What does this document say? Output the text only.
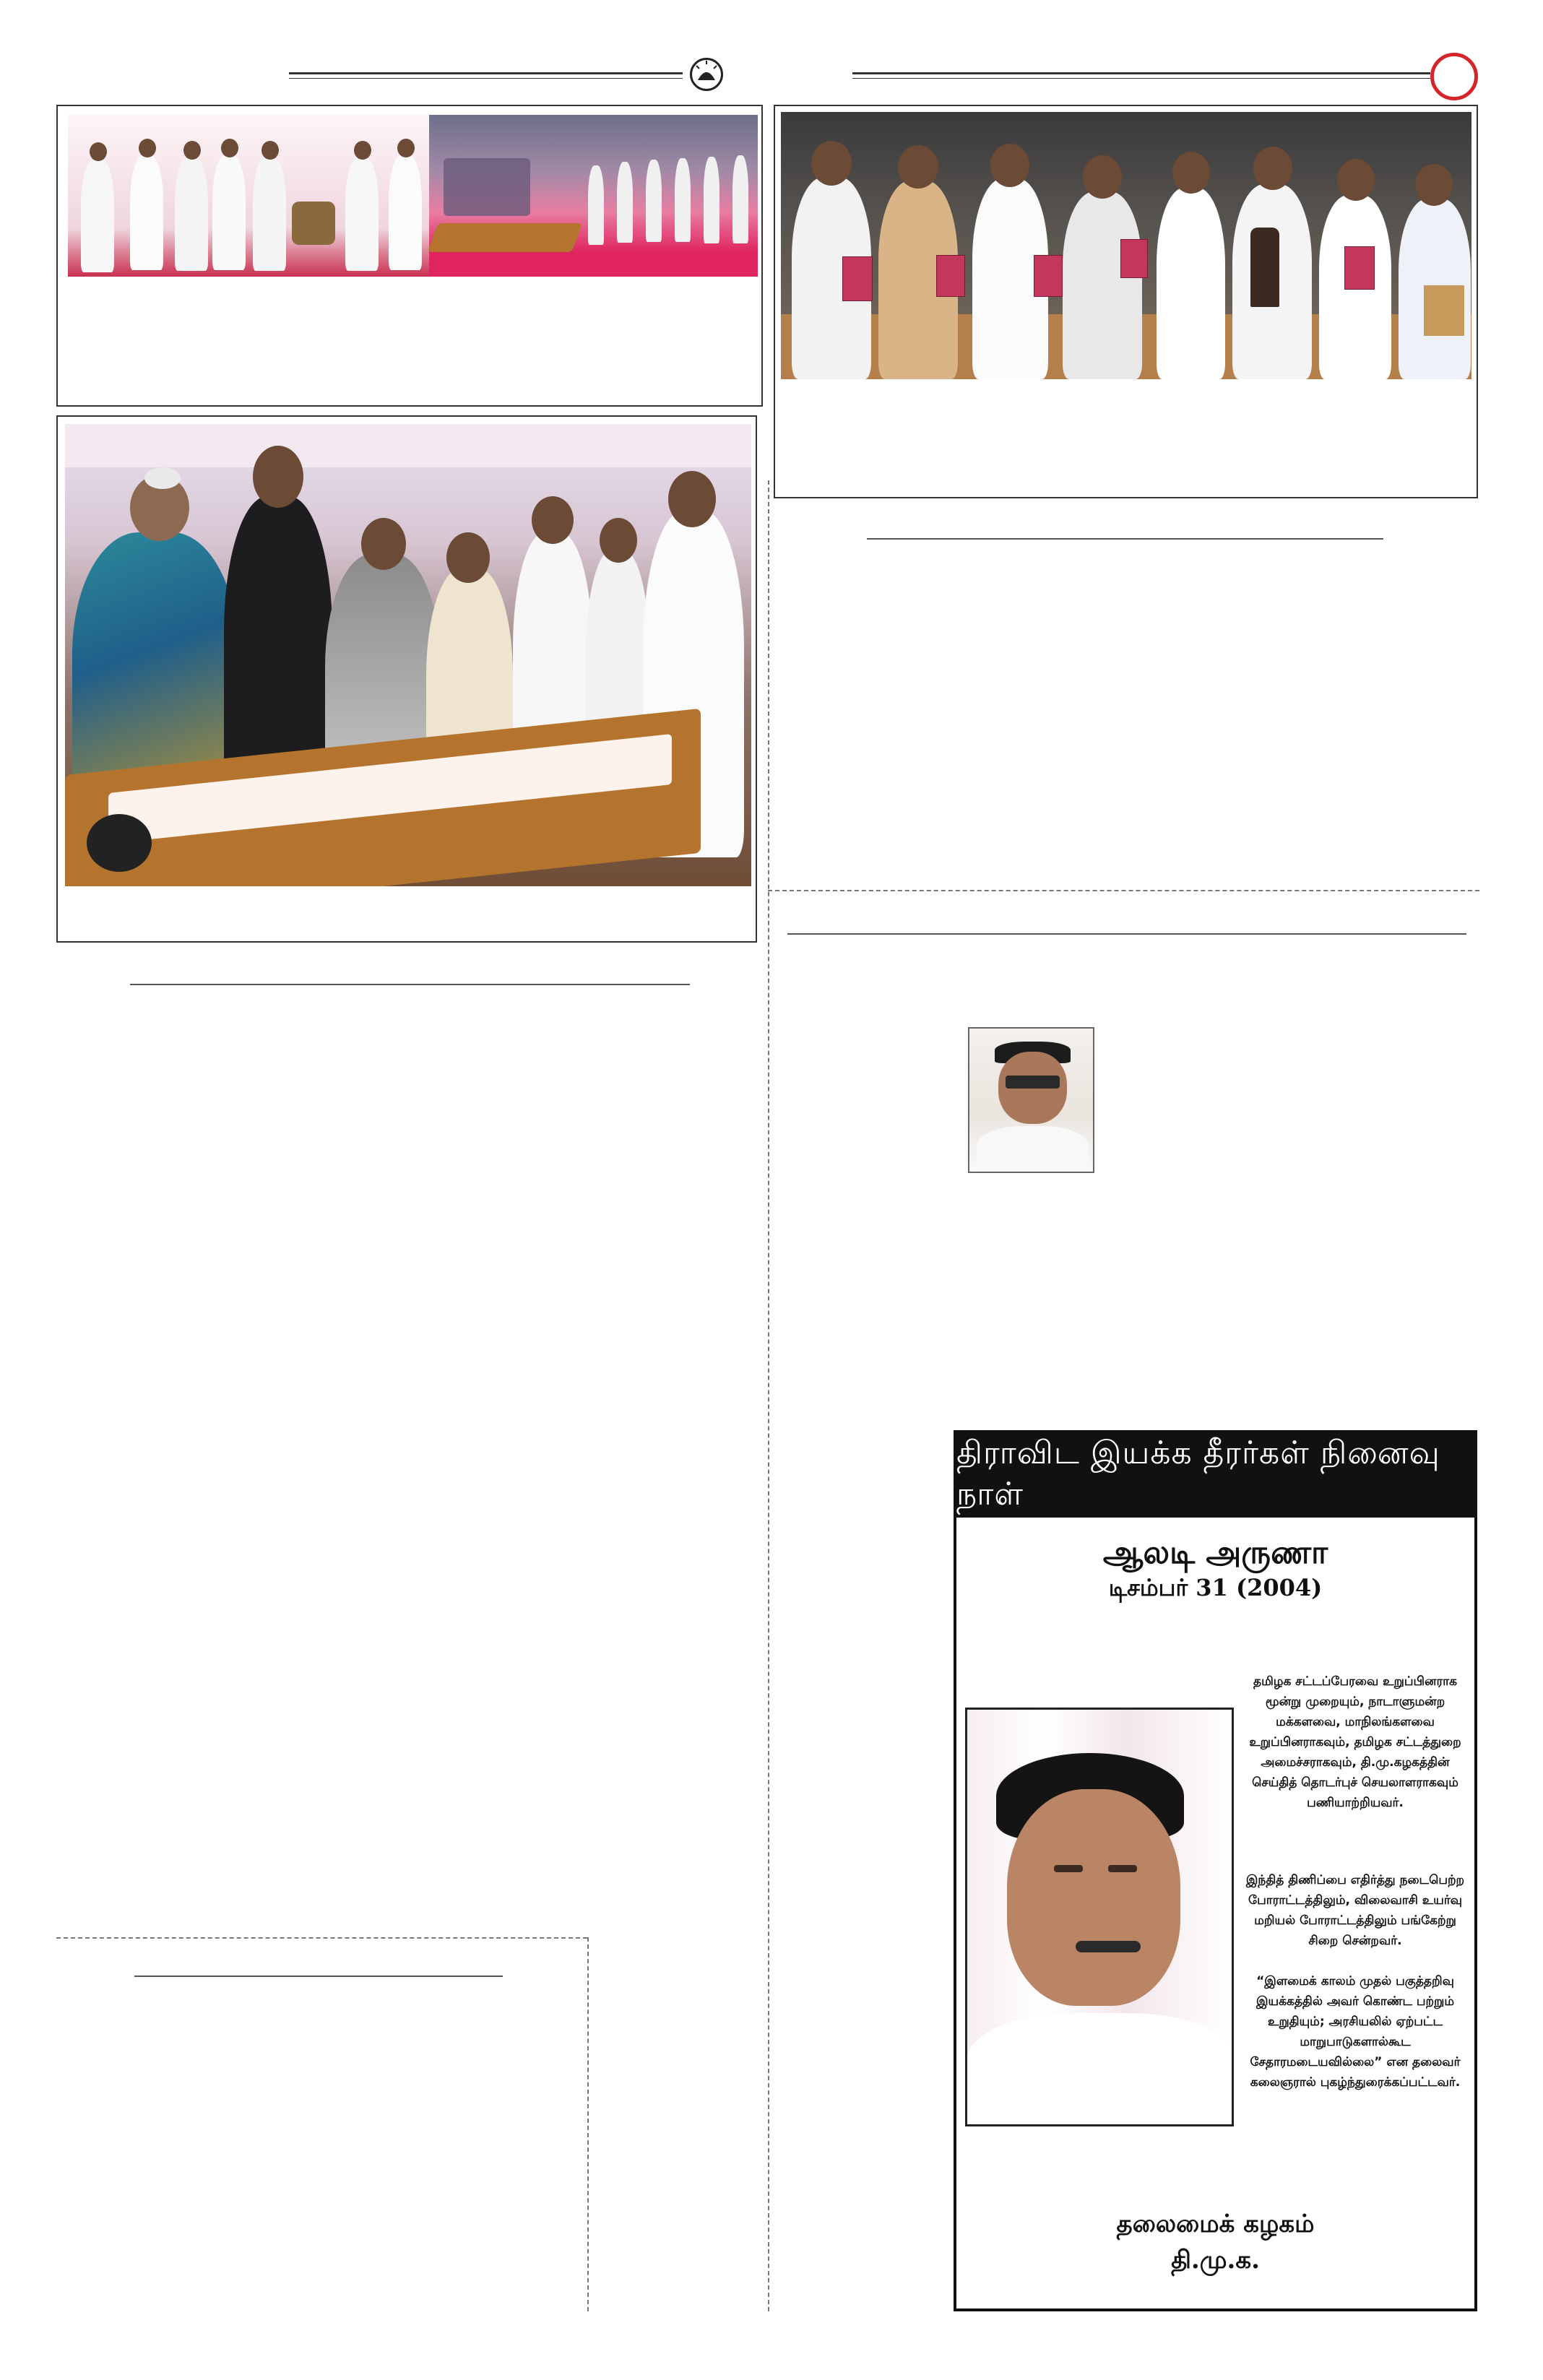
திராவிட இயக்க தீரர்கள் நினைவு நாள்
ஆலடி அருணா
டிசம்பர் 31 (2004)
தமிழக சட்டப்பேரவை உறுப்பினராக மூன்று முறையும், நாடாளுமன்ற மக்களவை, மாநிலங்களவை உறுப்பினராகவும், தமிழக சட்டத்துறை அமைச்சராகவும், தி.மு.கழகத்தின் செய்தித் தொடர்புச் செயலாளராகவும் பணியாற்றியவர்.
இந்தித் திணிப்பை எதிர்த்து நடைபெற்ற போராட்டத்திலும், விலைவாசி உயர்வு மறியல் போராட்டத்திலும் பங்கேற்று சிறை சென்றவர்.
“இளமைக் காலம் முதல் பகுத்தறிவு இயக்கத்தில் அவர் கொண்ட பற்றும் உறுதியும்; அரசியலில் ஏற்பட்ட மாறுபாடுகளால்கூட சேதாரமடையவில்லை” என தலைவர் கலைஞரால் புகழ்ந்துரைக்கப்பட்டவர்.
தலைமைக் கழகம்
தி.மு.க.
